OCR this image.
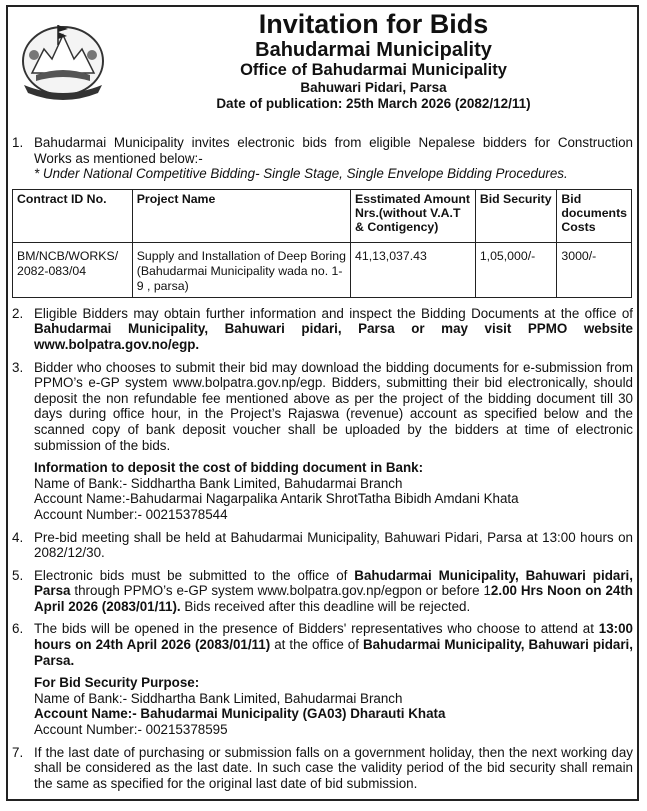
Invitation for Bids
Bahudarmai Municipality
Office of Bahudarmai Municipality
Bahuwari Pidari, Parsa
Date of publication: 25th March 2026 (2082/12/11)
1. Bahudarmai Municipality invites electronic bids from eligible Nepalese bidders for Construction Works as mentioned below:-
* Under National Competitive Bidding- Single Stage, Single Envelope Bidding Procedures.
Contract ID No.	Project Name	Esstimated Amount Nrs.(without V.A.T & Contigency)	Bid Security	Bid documents Costs
BM/NCB/WORKS/ 2082-083/04	Supply and Installation of Deep Boring (Bahudarmai Municipality wada no. 1-9 , parsa)	41,13,037.43	1,05,000/-	3000/-
2. Eligible Bidders may obtain further information and inspect the Bidding Documents at the office of Bahudarmai Municipality, Bahuwari pidari, Parsa or may visit PPMO website www.bolpatra.gov.no/egp.
3. Bidder who chooses to submit their bid may download the bidding documents for e-submission from PPMO’s e-GP system www.bolpatra.gov.np/egp. Bidders, submitting their bid electronically, should deposit the non refundable fee mentioned above as per the project of the bidding document till 30 days during office hour, in the Project’s Rajaswa (revenue) account as specified below and the scanned copy of bank deposit voucher shall be uploaded by the bidders at time of electronic submission of the bids.
Information to deposit the cost of bidding document in Bank:
Name of Bank:- Siddhartha Bank Limited, Bahudarmai Branch
Account Name:-Bahudarmai Nagarpalika Antarik ShrotTatha Bibidh Amdani Khata
Account Number:- 00215378544
4. Pre-bid meeting shall be held at Bahudarmai Municipality, Bahuwari Pidari, Parsa at 13:00 hours on 2082/12/30.
5. Electronic bids must be submitted to the office of Bahudarmai Municipality, Bahuwari pidari, Parsa through PPMO’s e-GP system www.bolpatra.gov.np/egpon or before 12.00 Hrs Noon on 24th April 2026 (2083/01/11). Bids received after this deadline will be rejected.
6. The bids will be opened in the presence of Bidders' representatives who choose to attend at 13:00 hours on 24th April 2026 (2083/01/11) at the office of Bahudarmai Municipality, Bahuwari pidari, Parsa.
For Bid Security Purpose:
Name of Bank:- Siddhartha Bank Limited, Bahudarmai Branch
Account Name:- Bahudarmai Municipality (GA03) Dharauti Khata
Account Number:- 00215378595
7. If the last date of purchasing or submission falls on a government holiday, then the next working day shall be considered as the last date. In such case the validity period of the bid security shall remain the same as specified for the original last date of bid submission.
